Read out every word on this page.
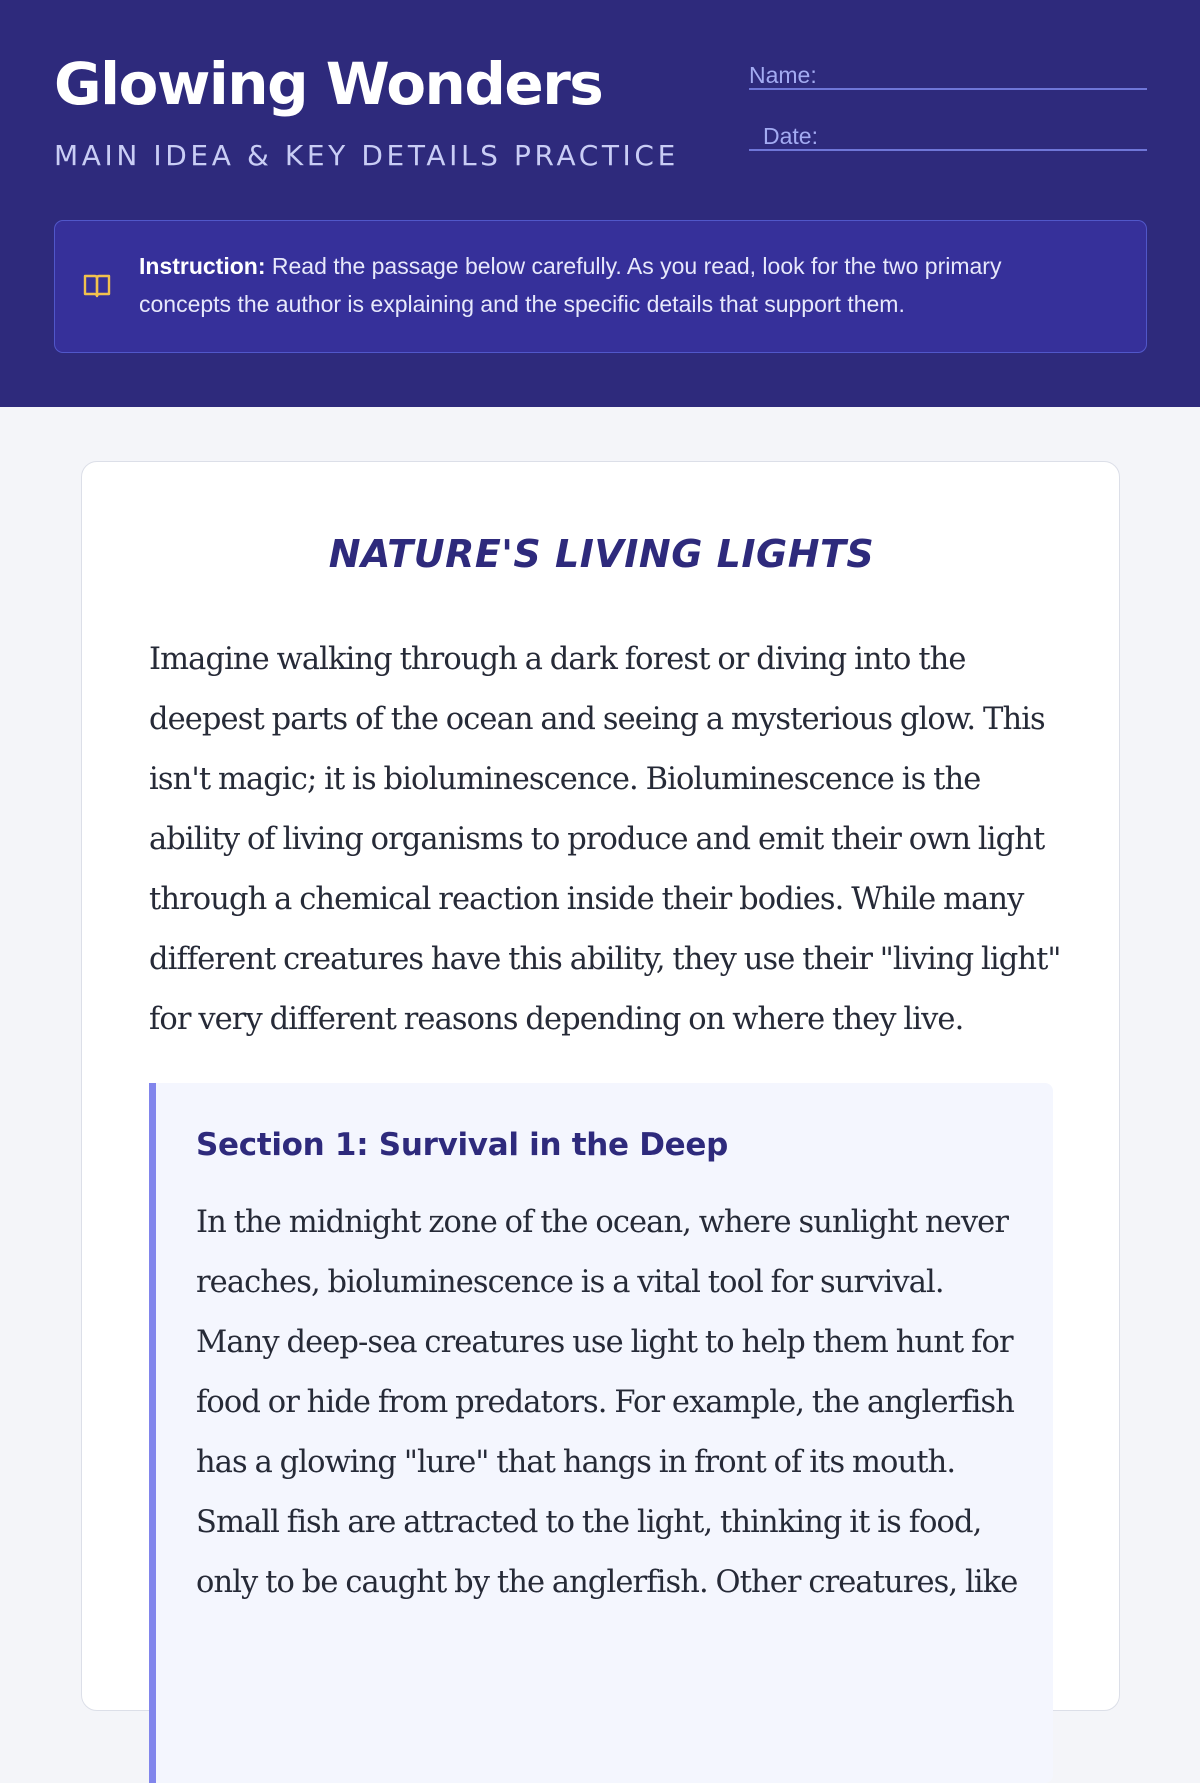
Glowing Wonders
MAIN IDEA & KEY DETAILS PRACTICE
Name:
Date:

Instruction: Read the passage below carefully. As you read, look for the two primary concepts the author is explaining and the specific details that support them.

NATURE'S LIVING LIGHTS

Imagine walking through a dark forest or diving into the deepest parts of the ocean and seeing a mysterious glow. This isn't magic; it is bioluminescence. Bioluminescence is the ability of living organisms to produce and emit their own light through a chemical reaction inside their bodies. While many different creatures have this ability, they use their "living light" for very different reasons depending on where they live.

Section 1: Survival in the Deep

In the midnight zone of the ocean, where sunlight never reaches, bioluminescence is a vital tool for survival. Many deep-sea creatures use light to help them hunt for food or hide from predators. For example, the anglerfish has a glowing "lure" that hangs in front of its mouth. Small fish are attracted to the light, thinking it is food, only to be caught by the anglerfish. Other creatures, like
